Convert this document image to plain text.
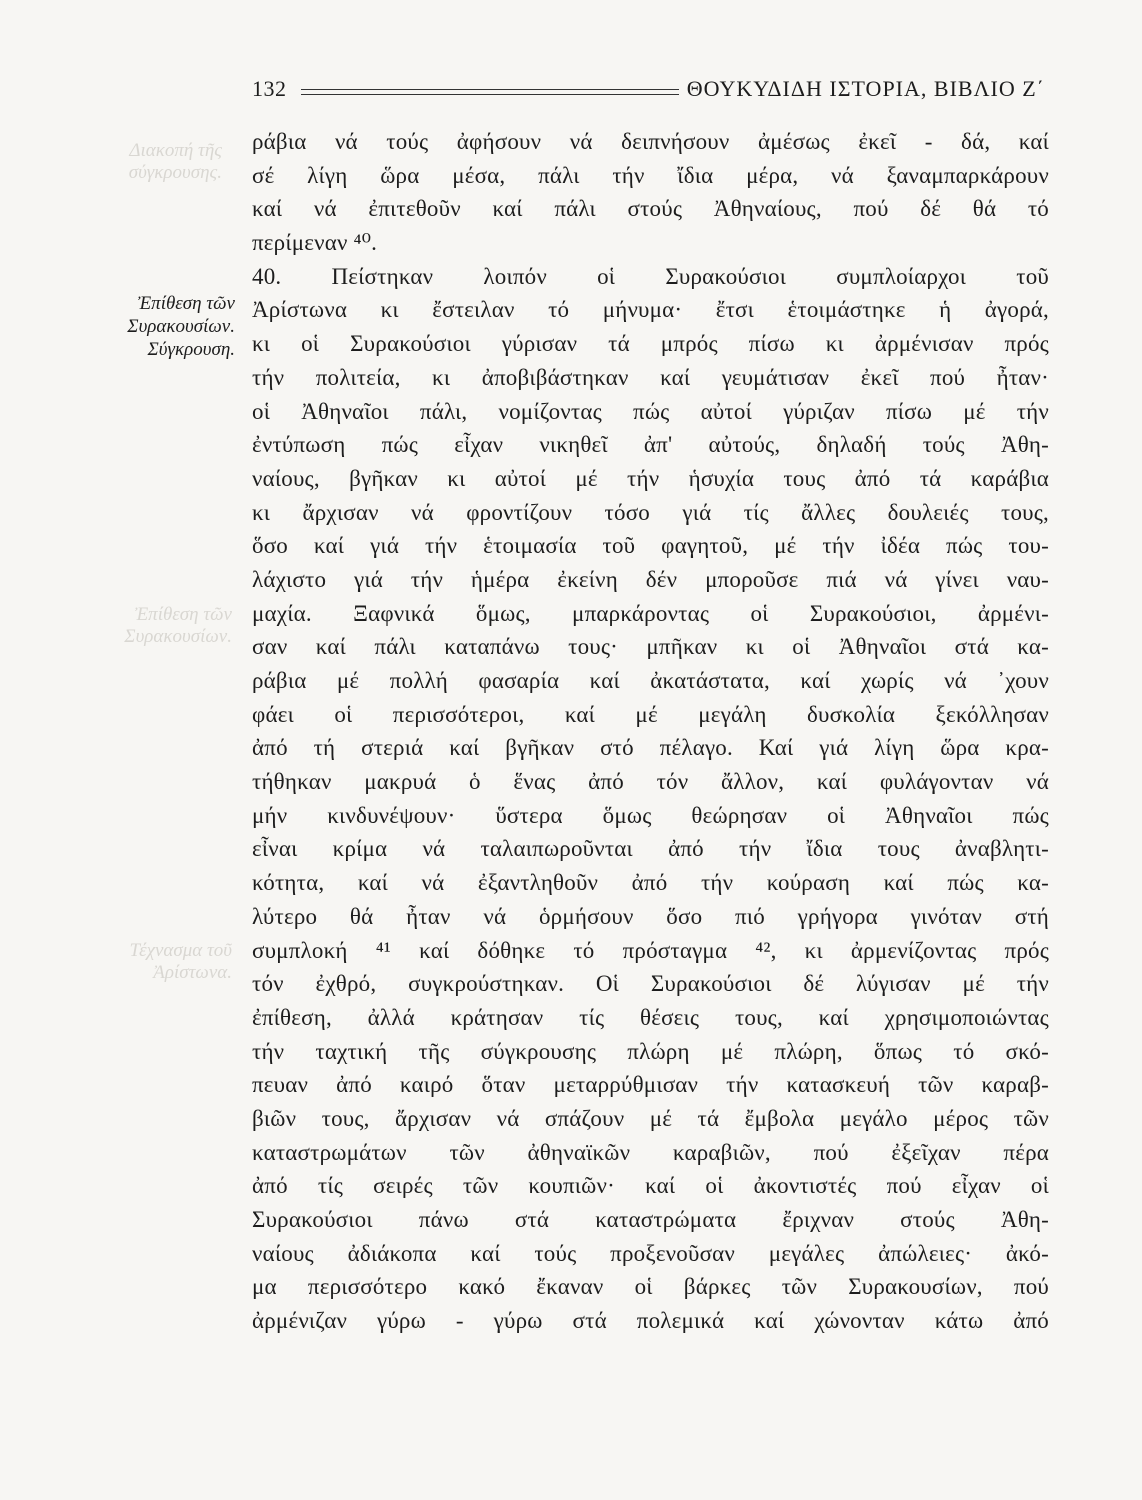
Διακοπή τῆς σύγκρουσης.
Ἐπίθεση τῶν Συρακουσίων.
Τέχνασμα τοῦ Ἀρίστωνα.
132	ΘΟΥΚΥΔΙΔΗ ΙΣΤΟΡΙΑ, ΒΙΒΛΙΟ Ζ΄
Ἐπίθεση τῶν
Συρακουσίων.
Σύγκρουση.
ράβια νά τούς ἀφήσουν νά δειπνήσουν ἀμέσως ἐκεῖ - δά, καί
σέ λίγη ὥρα μέσα, πάλι τήν ἴδια μέρα, νά ξαναμπαρκάρουν
καί νά ἐπιτεθοῦν καί πάλι στούς Ἀθηναίους, πού δέ θά τό
περίμεναν ⁴⁰.
40. Πείστηκαν λοιπόν οἱ Συρακούσιοι συμπλοίαρχοι τοῦ
Ἀρίστωνα κι ἔστειλαν τό μήνυμα· ἔτσι ἑτοιμάστηκε ἡ ἀγορά,
κι οἱ Συρακούσιοι γύρισαν τά μπρός πίσω κι ἀρμένισαν πρός
τήν πολιτεία, κι ἀποβιβάστηκαν καί γευμάτισαν ἐκεῖ πού ἦταν·
οἱ Ἀθηναῖοι πάλι, νομίζοντας πώς αὐτοί γύριζαν πίσω μέ τήν
ἐντύπωση πώς εἶχαν νικηθεῖ ἀπ' αὐτούς, δηλαδή τούς Ἀθη-
ναίους, βγῆκαν κι αὐτοί μέ τήν ἡσυχία τους ἀπό τά καράβια
κι ἄρχισαν νά φροντίζουν τόσο γιά τίς ἄλλες δουλειές τους,
ὅσο καί γιά τήν ἑτοιμασία τοῦ φαγητοῦ, μέ τήν ἰδέα πώς του-
λάχιστο γιά τήν ἡμέρα ἐκείνη δέν μποροῦσε πιά νά γίνει ναυ-
μαχία. Ξαφνικά ὅμως, μπαρκάροντας οἱ Συρακούσιοι, ἀρμένι-
σαν καί πάλι καταπάνω τους· μπῆκαν κι οἱ Ἀθηναῖοι στά κα-
ράβια μέ πολλή φασαρία καί ἀκατάστατα, καί χωρίς νά ᾽χουν
φάει οἱ περισσότεροι, καί μέ μεγάλη δυσκολία ξεκόλλησαν
ἀπό τή στεριά καί βγῆκαν στό πέλαγο. Καί γιά λίγη ὥρα κρα-
τήθηκαν μακρυά ὁ ἕνας ἀπό τόν ἄλλον, καί φυλάγονταν νά
μήν κινδυνέψουν· ὕστερα ὅμως θεώρησαν οἱ Ἀθηναῖοι πώς
εἶναι κρίμα νά ταλαιπωροῦνται ἀπό τήν ἴδια τους ἀναβλητι-
κότητα, καί νά ἐξαντληθοῦν ἀπό τήν κούραση καί πώς κα-
λύτερο θά ἦταν νά ὁρμήσουν ὅσο πιό γρήγορα γινόταν στή
συμπλοκή ⁴¹ καί δόθηκε τό πρόσταγμα ⁴², κι ἀρμενίζοντας πρός
τόν ἐχθρό, συγκρούστηκαν. Οἱ Συρακούσιοι δέ λύγισαν μέ τήν
ἐπίθεση, ἀλλά κράτησαν τίς θέσεις τους, καί χρησιμοποιώντας
τήν ταχτική τῆς σύγκρουσης πλώρη μέ πλώρη, ὅπως τό σκό-
πευαν ἀπό καιρό ὅταν μεταρρύθμισαν τήν κατασκευή τῶν καραβ-
βιῶν τους, ἄρχισαν νά σπάζουν μέ τά ἔμβολα μεγάλο μέρος τῶν
καταστρωμάτων τῶν ἀθηναϊκῶν καραβιῶν, πού ἐξεῖχαν πέρα
ἀπό τίς σειρές τῶν κουπιῶν· καί οἱ ἀκοντιστές πού εἶχαν οἱ
Συρακούσιοι πάνω στά καταστρώματα ἔριχναν στούς Ἀθη-
ναίους ἀδιάκοπα καί τούς προξενοῦσαν μεγάλες ἀπώλειες· ἀκό-
μα περισσότερο κακό ἔκαναν οἱ βάρκες τῶν Συρακουσίων, πού
ἀρμένιζαν γύρω - γύρω στά πολεμικά καί χώνονταν κάτω ἀπό
